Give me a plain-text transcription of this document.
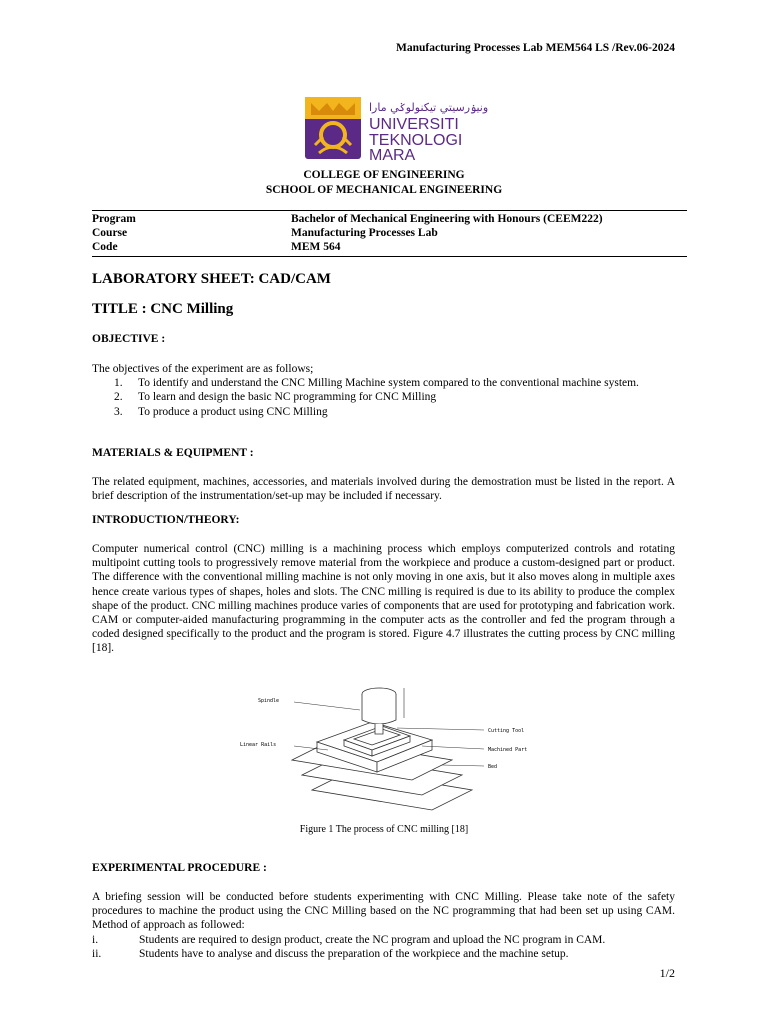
Manufacturing Processes Lab MEM564 LS /Rev.06-2024
ونيۏرسيتي تيكنولوݢي مارا
UNIVERSITI
TEKNOLOGI
MARA
COLLEGE OF ENGINEERING
SCHOOL OF MECHANICAL ENGINEERING
Program	Bachelor of Mechanical Engineering with Honours (CEEM222)
Course	Manufacturing Processes Lab
Code	MEM 564
LABORATORY SHEET: CAD/CAM
TITLE : CNC Milling
OBJECTIVE :
The objectives of the experiment are as follows;
1.	To identify and understand the CNC Milling Machine system compared to the conventional machine system.
2.	To learn and design the basic NC programming for CNC Milling
3.	To produce a product using CNC Milling
MATERIALS & EQUIPMENT :
The related equipment, machines, accessories, and materials involved during the demostration must be listed in the report. A brief description of the instrumentation/set-up may be included if necessary.
INTRODUCTION/THEORY:
Computer numerical control (CNC) milling is a machining process which employs computerized controls and rotating multipoint cutting tools to progressively remove material from the workpiece and produce a custom-designed part or product. The difference with the conventional milling machine is not only moving in one axis, but it also moves along in multiple axes hence create various types of shapes, holes and slots. The CNC milling is required is due to its ability to produce the complex shape of the product. CNC milling machines produce varies of components that are used for prototyping and fabrication work. CAM or computer-aided manufacturing programming in the computer acts as the controller and fed the program through a coded designed specifically to the product and the program is stored. Figure 4.7 illustrates the cutting process by CNC milling [18].
Spindle
Linear Rails
Cutting Tool
Machined Part
Bed
Figure 1 The process of CNC milling [18]
EXPERIMENTAL PROCEDURE :
A briefing session will be conducted before students experimenting with CNC Milling. Please take note of the safety procedures to machine the product using the CNC Milling based on the NC programming that had been set up using CAM. Method of approach as followed:
i.	Students are required to design product, create the NC program and upload the NC program in CAM.
ii.	Students have to analyse and discuss the preparation of the workpiece and the machine setup.
1/2
